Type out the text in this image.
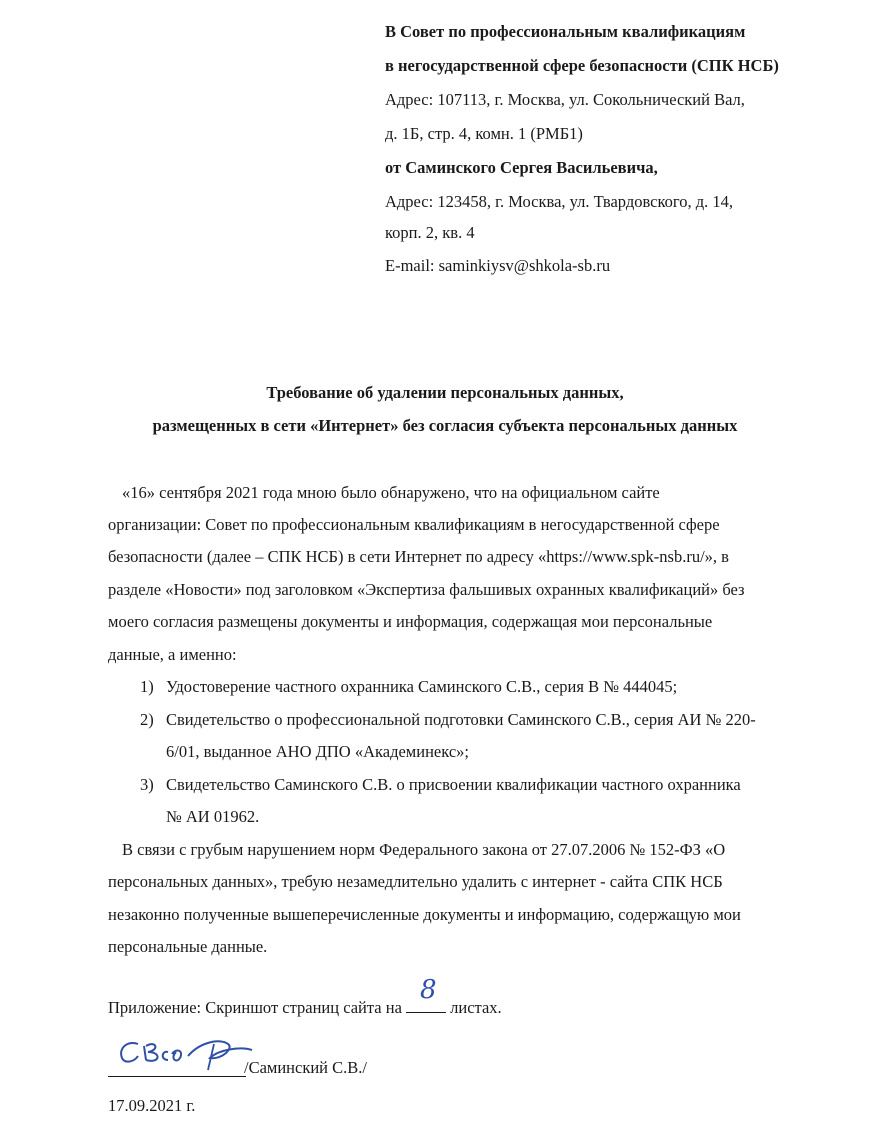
В Совет по профессиональным квалификациям
в негосударственной сфере безопасности (СПК НСБ)
Адрес: 107113, г. Москва, ул. Сокольнический Вал,
д. 1Б, стр. 4, комн. 1 (РМБ1)
от Саминского Сергея Васильевича,
Адрес: 123458, г. Москва, ул. Твардовского, д. 14,
корп. 2, кв. 4
E-mail: saminkiysv@shkola-sb.ru
Требование об удалении персональных данных,
размещенных в сети «Интернет» без согласия субъекта персональных данных
«16» сентября 2021 года мною было обнаружено, что на официальном сайте
организации: Совет по профессиональным квалификациям в негосударственной сфере
безопасности (далее – СПК НСБ) в сети Интернет по адресу «https://www.spk-nsb.ru/», в
разделе «Новости» под заголовком «Экспертиза фальшивых охранных квалификаций» без
моего согласия размещены документы и информация, содержащая мои персональные
данные, а именно:
1) Удостоверение частного охранника Саминского С.В., серия В № 444045;
2) Свидетельство о профессиональной подготовки Саминского С.В., серия АИ № 220-
6/01, выданное АНО ДПО «Академинекс»;
3) Свидетельство Саминского С.В. о присвоении квалификации частного охранника
№ АИ 01962.
В связи с грубым нарушением норм Федерального закона от 27.07.2006 № 152-ФЗ «О
персональных данных», требую незамедлительно удалить с интернет - сайта СПК НСБ
незаконно полученные вышеперечисленные документы и информацию, содержащую мои
персональные данные.
Приложение: Скриншот страниц сайта на
8
листах.
/Саминский С.В./
17.09.2021 г.
